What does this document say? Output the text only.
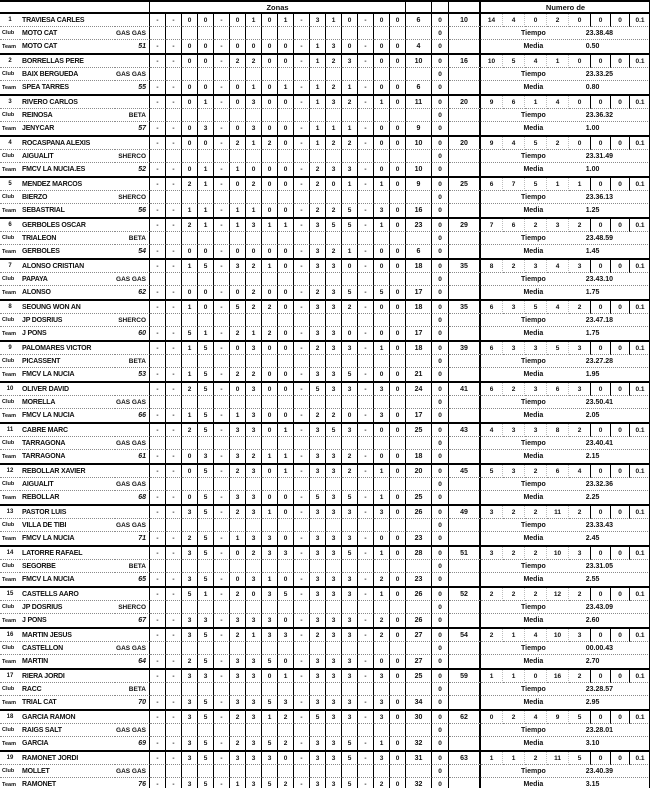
Zonas	Numero de
1	TRAVIESA CARLES	-	-	0	0	-	0	1	0	1	-	3	1	0	-	0	0	6	0	10	14	4	0	2	0	0	0	0.1
Club	MOTO CAT	GAS GAS	0	Tiempo	23.38.48
Team MOTO CAT	51	-	-	0	0	-	0	0	0	0	-	1	3	0	-	0	0	4	0	Media	0.50
2	BORRELLAS PERE	-	-	0	0	-	2	2	0	0	-	1	2	3	-	0	0	10	0	16	10	5	4	1	0	0	0	0.1
Club	BAIX BERGUEDA	GAS GAS	0	Tiempo	23.33.25
Team SPEA TARRES	55	-	-	0	0	-	0	1	0	1	-	1	2	1	-	0	0	6	0	Media	0.80
3	RIVERO CARLOS	-	-	0	1	-	0	3	0	0	-	1	3	2	-	1	0	11	0	20	9	6	1	4	0	0	0	0.1
Club	REINOSA	BETA	0	Tiempo	23.36.32
Team JENYCAR	57	-	-	0	3	-	0	3	0	0	-	1	1	1	-	0	0	9	0	Media	1.00
4	ROCASPANA ALEXIS	-	-	0	0	-	2	1	2	0	-	1	2	2	-	0	0	10	0	20	9	4	5	2	0	0	0	0.1
Club	AIGUALIT	SHERCO	0	Tiempo	23.31.49
Team FMCV LA NUCIA.ES	52	-	-	0	1	-	1	0	0	0	-	2	3	3	-	0	0	10	0	Media	1.00
5	MENDEZ MARCOS	-	-	2	1	-	0	2	0	0	-	2	0	1	-	1	0	9	0	25	6	7	5	1	1	0	0	0.1
Club	BIERZO	SHERCO	0	Tiempo	23.36.13
Team SEBASTRIAL	56	-	-	1	1	-	1	1	0	0	-	2	2	5	-	3	0	16	0	Media	1.25
6	GERBOLES OSCAR	-	-	2	1	-	1	3	1	1	-	3	5	5	-	1	0	23	0	29	7	6	2	3	2	0	0	0.1
Club	TRIALEON	BETA	0	Tiempo	23.48.59
Team GERBOLES	54	-	-	0	0	-	0	0	0	0	-	3	2	1	-	0	0	6	0	Media	1.45
7	ALONSO CRISTIAN	-	-	1	5	-	3	2	1	0	-	3	3	0	-	0	0	18	0	35	8	2	3	4	3	0	0	0.1
Club	PAPAYA	GAS GAS	0	Tiempo	23.43.10
Team ALONSO	62	-	-	0	0	-	0	2	0	0	-	2	3	5	-	5	0	17	0	Media	1.75
8	SEOUNG WON AN	-	-	1	0	-	5	2	2	0	-	3	3	2	-	0	0	18	0	35	6	3	5	4	2	0	0	0.1
Club	JP DOSRIUS	SHERCO	0	Tiempo	23.47.18
Team J PONS	60	-	-	5	1	-	2	1	2	0	-	3	3	0	-	0	0	17	0	Media	1.75
9	PALOMARES VICTOR	-	-	1	5	-	0	3	0	0	-	2	3	3	-	1	0	18	0	39	6	3	3	5	3	0	0	0.1
Club	PICASSENT	BETA	0	Tiempo	23.27.28
Team FMCV LA NUCIA	53	-	-	1	5	-	2	2	0	0	-	3	3	5	-	0	0	21	0	Media	1.95
10	OLIVER DAVID	-	-	2	5	-	0	3	0	0	-	5	3	3	-	3	0	24	0	41	6	2	3	6	3	0	0	0.1
Club	MORELLA	GAS GAS	0	Tiempo	23.50.41
Team FMCV LA NUCIA	66	-	-	1	5	-	1	3	0	0	-	2	2	0	-	3	0	17	0	Media	2.05
11	CABRE MARC	-	-	2	5	-	3	3	0	1	-	3	5	3	-	0	0	25	0	43	4	3	3	8	2	0	0	0.1
Club	TARRAGONA	GAS GAS	0	Tiempo	23.40.41
Team TARRAGONA	61	-	-	0	3	-	3	2	1	1	-	3	3	2	-	0	0	18	0	Media	2.15
12	REBOLLAR XAVIER	-	-	0	5	-	2	3	0	1	-	3	3	2	-	1	0	20	0	45	5	3	2	6	4	0	0	0.1
Club	AIGUALIT	GAS GAS	0	Tiempo	23.32.36
Team REBOLLAR	68	-	-	0	5	-	3	3	0	0	-	5	3	5	-	1	0	25	0	Media	2.25
13	PASTOR LUIS	-	-	3	5	-	2	3	1	0	-	3	3	3	-	3	0	26	0	49	3	2	2	11	2	0	0	0.1
Club	VILLA DE TIBI	GAS GAS	0	Tiempo	23.33.43
Team FMCV LA NUCIA	71	-	-	2	5	-	1	3	3	0	-	3	3	3	-	0	0	23	0	Media	2.45
14	LATORRE RAFAEL	-	-	3	5	-	0	2	3	3	-	3	3	5	-	1	0	28	0	51	3	2	2	10	3	0	0	0.1
Club	SEGORBE	BETA	0	Tiempo	23.31.05
Team FMCV LA NUCIA	65	-	-	3	5	-	0	3	1	0	-	3	3	3	-	2	0	23	0	Media	2.55
15	CASTELLS AARO	-	-	5	1	-	2	0	3	5	-	3	3	3	-	1	0	26	0	52	2	2	2	12	2	0	0	0.1
Club	JP DOSRIUS	SHERCO	0	Tiempo	23.43.09
Team J PONS	67	-	-	3	3	-	3	3	3	0	-	3	3	3	-	2	0	26	0	Media	2.60
16	MARTIN JESUS	-	-	3	5	-	2	1	3	3	-	2	3	3	-	2	0	27	0	54	2	1	4	10	3	0	0	0.1
Club	CASTELLON	GAS GAS	0	Tiempo	00.00.43
Team MARTIN	64	-	-	2	5	-	3	3	5	0	-	3	3	3	-	0	0	27	0	Media	2.70
17	RIERA JORDI	-	-	3	3	-	3	3	0	1	-	3	3	3	-	3	0	25	0	59	1	1	0	16	2	0	0	0.1
Club	RACC	BETA	0	Tiempo	23.28.57
Team TRIAL CAT	70	-	-	3	5	-	3	3	5	3	-	3	3	3	-	3	0	34	0	Media	2.95
18	GARCIA RAMON	-	-	3	5	-	2	3	1	2	-	5	3	3	-	3	0	30	0	62	0	2	4	9	5	0	0	0.1
Club	RAIGS SALT	GAS GAS	0	Tiempo	23.28.01
Team GARCIA	69	-	-	3	5	-	2	3	5	2	-	3	3	5	-	1	0	32	0	Media	3.10
19	RAMONET JORDI	-	-	3	5	-	3	3	3	0	-	3	3	5	-	3	0	31	0	63	1	1	2	11	5	0	0	0.1
Club	MOLLET	GAS GAS	0	Tiempo	23.40.39
Team RAMONET	76	-	-	3	5	-	1	3	5	2	-	3	3	5	-	2	0	32	0	Media	3.15
